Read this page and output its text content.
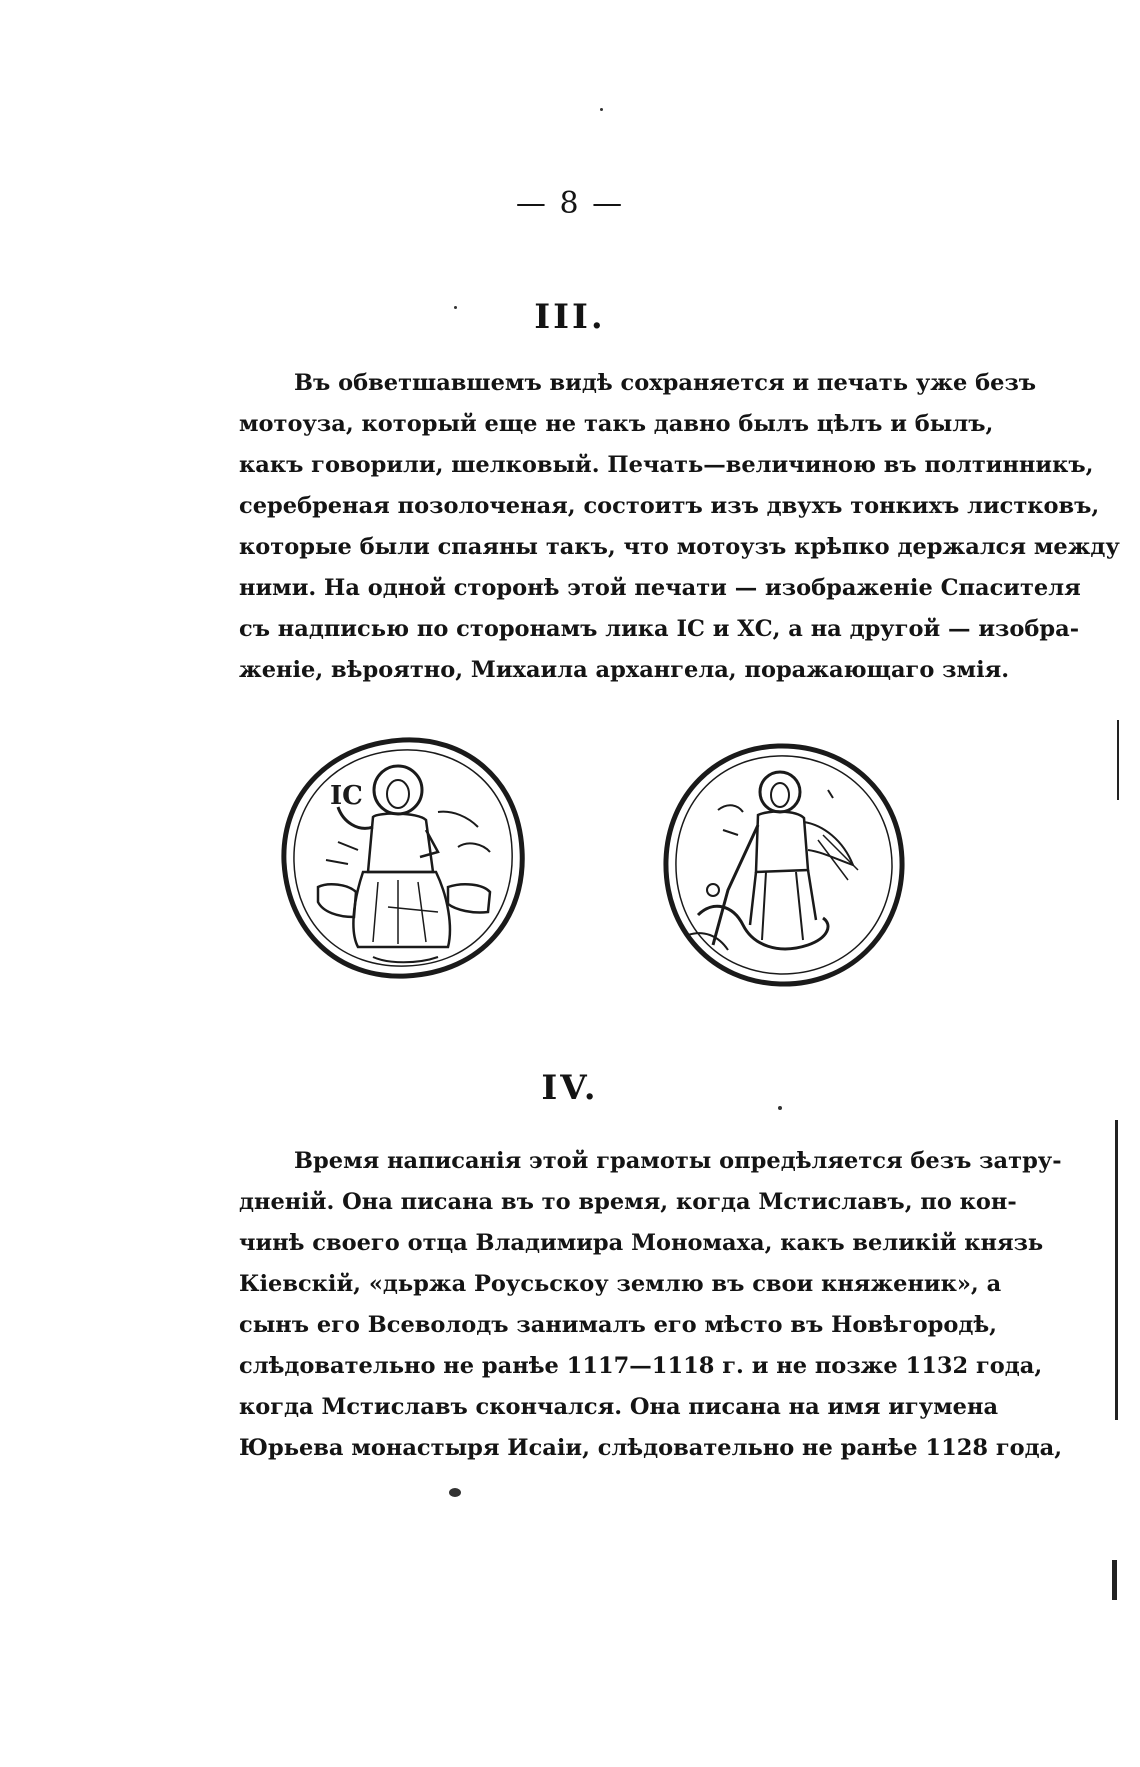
— 8 —
III.
Въ обветшавшемъ видѣ сохраняется и печать уже безъ
мотоуза, который еще не такъ давно былъ цѣлъ и былъ,
какъ говорили, шелковый. Печать—величиною въ полтинникъ,
серебреная позолоченая, состоитъ изъ двухъ тонкихъ листковъ,
которые были спаяны такъ, что мотоузъ крѣпко держался между
ними. На одной сторонѣ этой печати — изображеніе Спасителя
съ надписью по сторонамъ лика ІС и ХС, а на другой — изобра-
женіе, вѣроятно, Михаила архангела, поражающаго змія.
IC
IV.
Время написанія этой грамоты опредѣляется безъ затру-
дненій. Она писана въ то время, когда Мстиславъ, по кон-
чинѣ своего отца Владимира Мономаха, какъ великій князь
Кіевскій, «дьржа Роусьскоу землю въ свои княженик», а
сынъ его Всеволодъ занималъ его мѣсто въ Новѣгородѣ,
слѣдовательно не ранѣе 1117—1118 г. и не позже 1132 года,
когда Мстиславъ скончался. Она писана на имя игумена
Юрьева монастыря Исаіи, слѣдовательно не ранѣе 1128 года,
